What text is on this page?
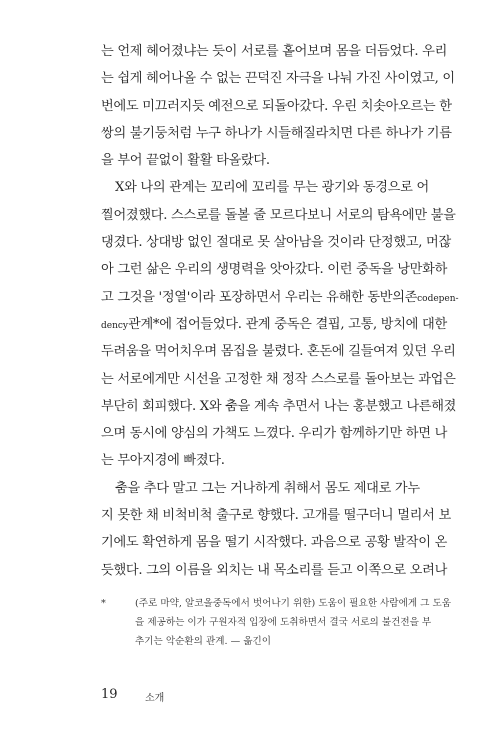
는 언제 헤어졌냐는 듯이 서로를 홑어보며 몸을 더듬었다. 우리
는 쉽게 헤어나올 수 없는 끈덕진 자극을 나눠 가진 사이였고, 이
번에도 미끄러지듯 예전으로 되돌아갔다. 우린 치솟아오르는 한
쌍의 불기둥처럼 누구 하나가 시들해질라치면 다른 하나가 기름
을 부어 끝없이 활활 타올랐다.
X와 나의 관계는 꼬리에 꼬리를 무는 광기와 동경으로 어
찔어졌했다. 스스로를 돌볼 줄 모르다보니 서로의 탐욕에만 불을
댕겼다. 상대방 없인 절대로 못 살아남을 것이라 단정했고, 머잖
아 그런 삶은 우리의 생명력을 앗아갔다. 이런 중독을 낭만화하
고 그것을 '정열'이라 포장하면서 우리는 유해한 동반의존codepen-
dency관계*에 접어들었다. 관계 중독은 결핍, 고통, 방치에 대한
두려움을 먹어치우며 몸집을 불렸다. 혼돈에 길들여져 있던 우리
는 서로에게만 시선을 고정한 채 정작 스스로를 돌아보는 과업은
부단히 회피했다. X와 춤을 계속 추면서 나는 홍분했고 나른해졌
으며 동시에 양심의 가책도 느꼈다. 우리가 함께하기만 하면 나
는 무아지경에 빠졌다.
춤을 추다 말고 그는 거나하게 취해서 몸도 제대로 가누
지 못한 채 비척비척 출구로 향했다. 고개를 떨구더니 멀리서 보
기에도 확연하게 몸을 떨기 시작했다. 과음으로 공황 발작이 온
듯했다. 그의 이름을 외치는 내 목소리를 듣고 이쪽으로 오려나
*	(주로 마약, 알코올중독에서 벗어나기 위한) 도움이 필요한 사람에게 그 도움
을 제공하는 이가 구원자적 입장에 도취하면서 결국 서로의 불건전을 부
추기는 악순환의 관계. — 옮긴이
19	소개
